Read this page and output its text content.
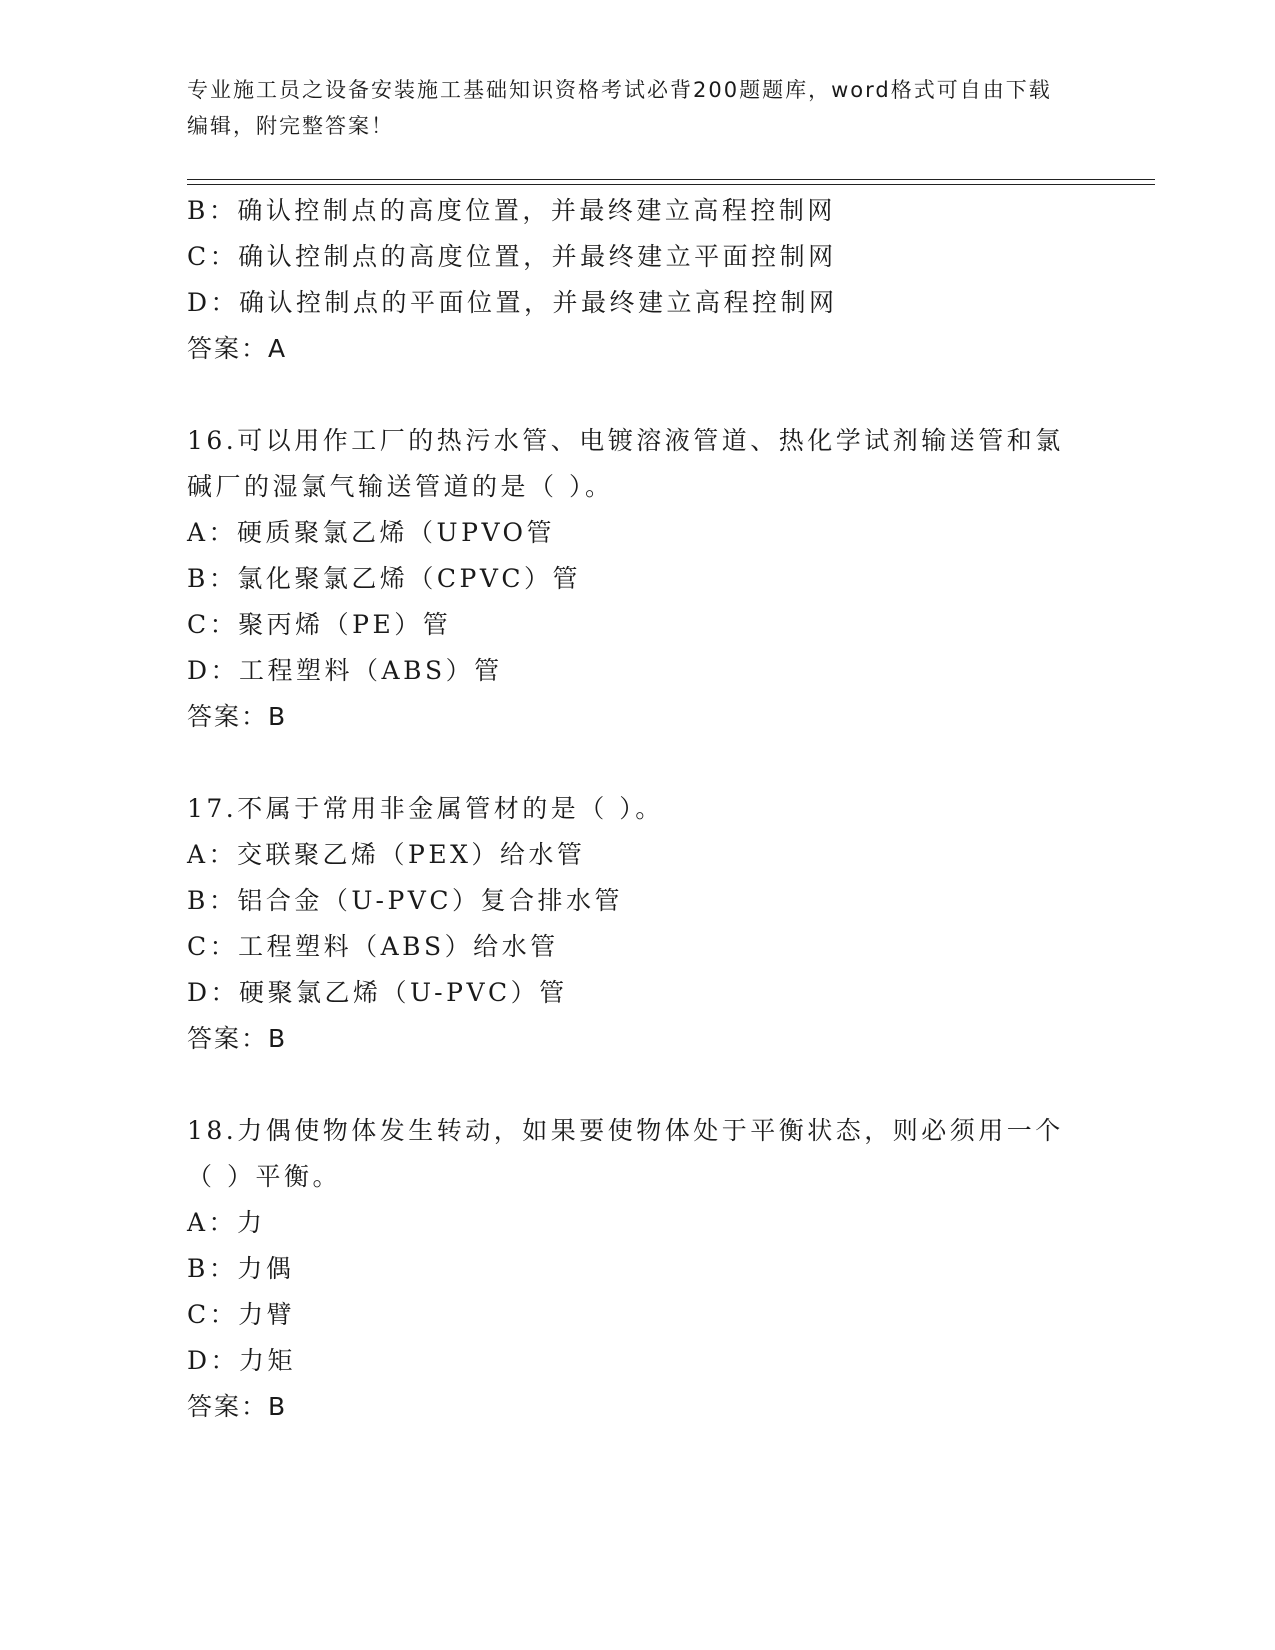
专业施工员之设备安装施工基础知识资格考试必背200题题库，word格式可自由下载编辑，附完整答案！

B：确认控制点的高度位置，并最终建立高程控制网

C：确认控制点的高度位置，并最终建立平面控制网

D：确认控制点的平面位置，并最终建立高程控制网

答案：A

16.可以用作工厂的热污水管、电镀溶液管道、热化学试剂输送管和氯

碱厂的湿氯气输送管道的是（ ）。

A：硬质聚氯乙烯（UPVO管

B：氯化聚氯乙烯（CPVC）管

C：聚丙烯（PE）管

D：工程塑料（ABS）管

答案：B

17.不属于常用非金属管材的是（ ）。

A：交联聚乙烯（PEX）给水管

B：铝合金（U-PVC）复合排水管

C：工程塑料（ABS）给水管

D：硬聚氯乙烯（U-PVC）管

答案：B

18.力偶使物体发生转动，如果要使物体处于平衡状态，则必须用一个

（ ）平衡。

A：力

B：力偶

C：力臂

D：力矩

答案：B
